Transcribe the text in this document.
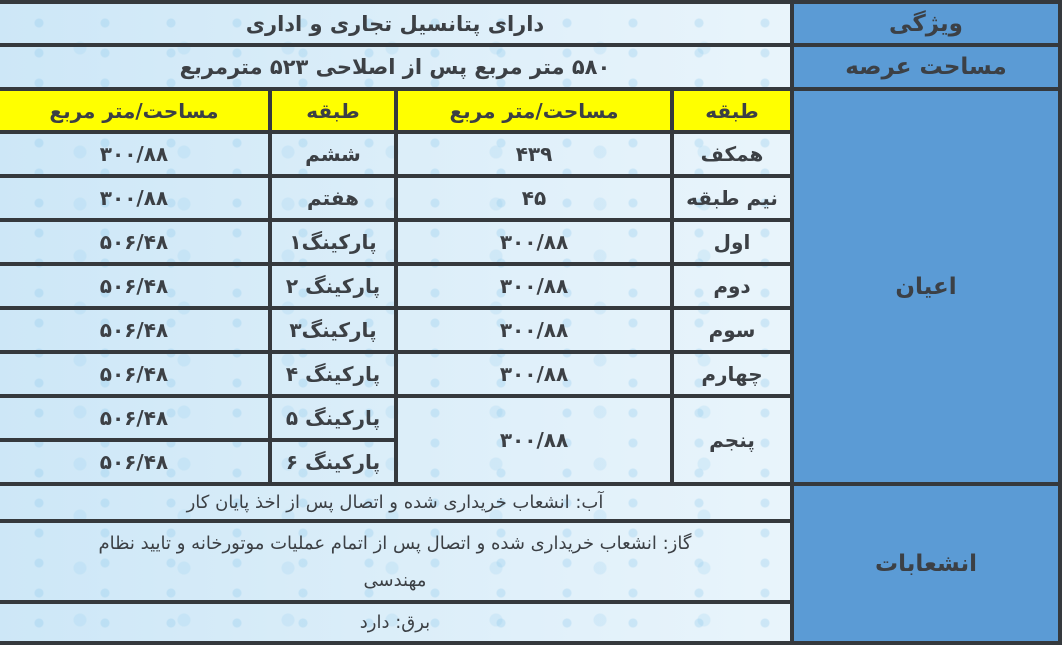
ویژگی	دارای پتانسیل تجاری و اداری			
مساحت عرصه	۵۸۰ متر مربع پس از اصلاحی ۵۲۳ مترمربع			
اعیان	طبقه	مساحت/متر مربع	طبقه	مساحت/متر مربع
	همکف	۴۳۹	ششم	۳۰۰/۸۸
	نیم طبقه	۴۵	هفتم	۳۰۰/۸۸
	اول	۳۰۰/۸۸	پارکینگ۱	۵۰۶/۴۸
	دوم	۳۰۰/۸۸	پارکینگ ۲	۵۰۶/۴۸
	سوم	۳۰۰/۸۸	پارکینگ۳	۵۰۶/۴۸
	چهارم	۳۰۰/۸۸	پارکینگ ۴	۵۰۶/۴۸
	پنجم	۳۰۰/۸۸	پارکینگ ۵	۵۰۶/۴۸
			پارکینگ ۶	۵۰۶/۴۸
انشعابات	آب: انشعاب خریداری شده و اتصال پس از اخذ پایان کار			

	گاز: انشعاب خریداری شده و اتصال پس از اتمام عملیات موتورخانه و تایید نظام
مهندسی			

	برق: دارد			
